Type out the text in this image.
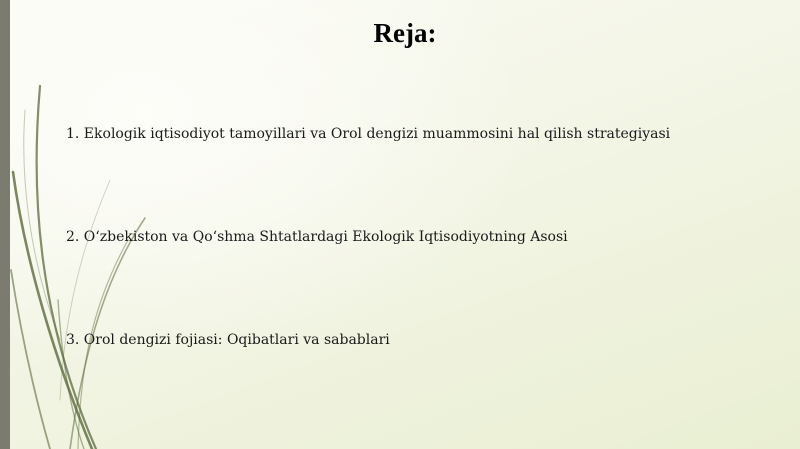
Reja:

1. Ekologik iqtisodiyot tamoyillari va Orol dengizi muammosini hal qilish strategiyasi

2. O‘zbekiston va Qo‘shma Shtatlardagi Ekologik Iqtisodiyotning Asosi

3. Orol dengizi fojiasi: Oqibatlari va sabablari
